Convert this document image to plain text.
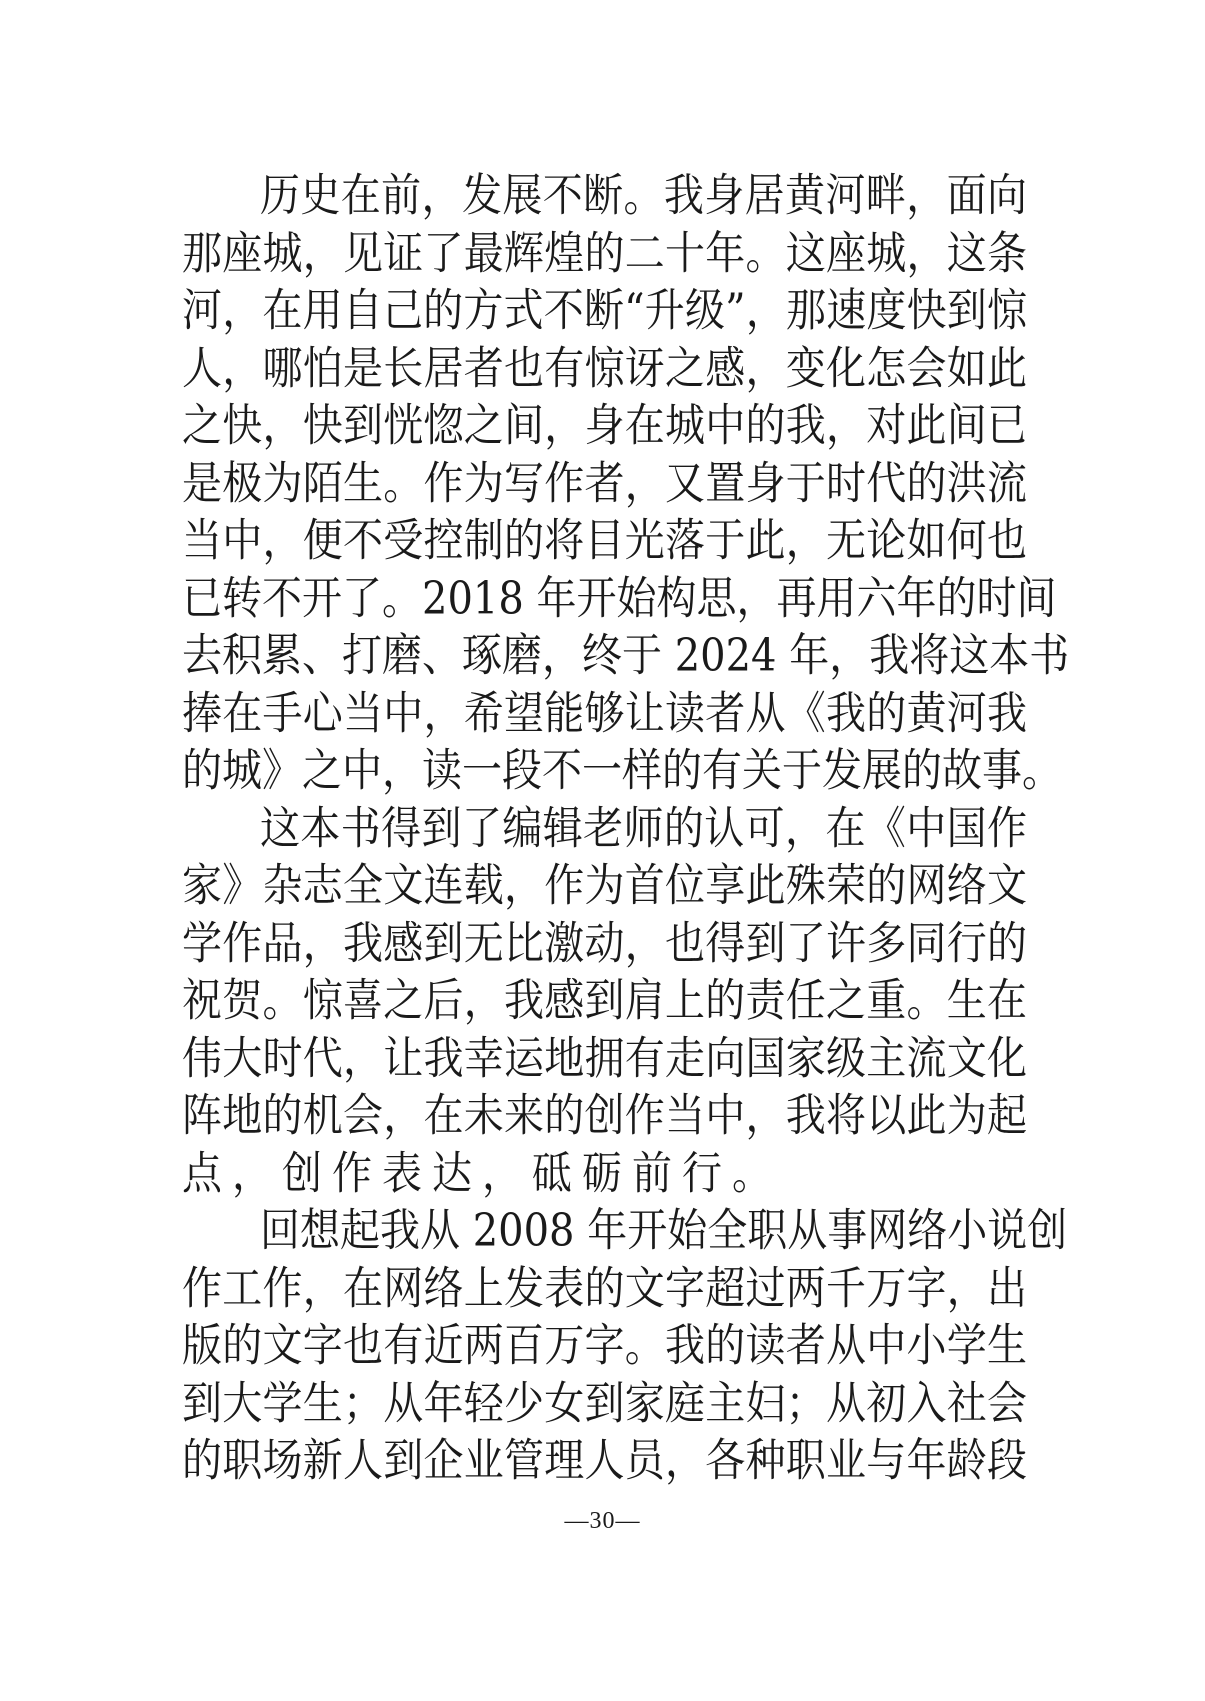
历史在前，发展不断。我身居黄河畔，面向
那座城，见证了最辉煌的二十年。这座城，这条
河，在用自己的方式不断“升级”，那速度快到惊
人，哪怕是长居者也有惊讶之感，变化怎会如此
之快，快到恍惚之间，身在城中的我，对此间已
是极为陌生。作为写作者，又置身于时代的洪流
当中，便不受控制的将目光落于此，无论如何也
已转不开了。2018 年开始构思，再用六年的时间
去积累、打磨、琢磨，终于 2024 年，我将这本书
捧在手心当中，希望能够让读者从《我的黄河我
的城》之中，读一段不一样的有关于发展的故事。
这本书得到了编辑老师的认可，在《中国作
家》杂志全文连载，作为首位享此殊荣的网络文
学作品，我感到无比激动，也得到了许多同行的
祝贺。惊喜之后，我感到肩上的责任之重。生在
伟大时代，让我幸运地拥有走向国家级主流文化
阵地的机会，在未来的创作当中，我将以此为起
点，创作表达，砥砺前行。
回想起我从 2008 年开始全职从事网络小说创
作工作，在网络上发表的文字超过两千万字，出
版的文字也有近两百万字。我的读者从中小学生
到大学生；从年轻少女到家庭主妇；从初入社会
的职场新人到企业管理人员，各种职业与年龄段
—30—
